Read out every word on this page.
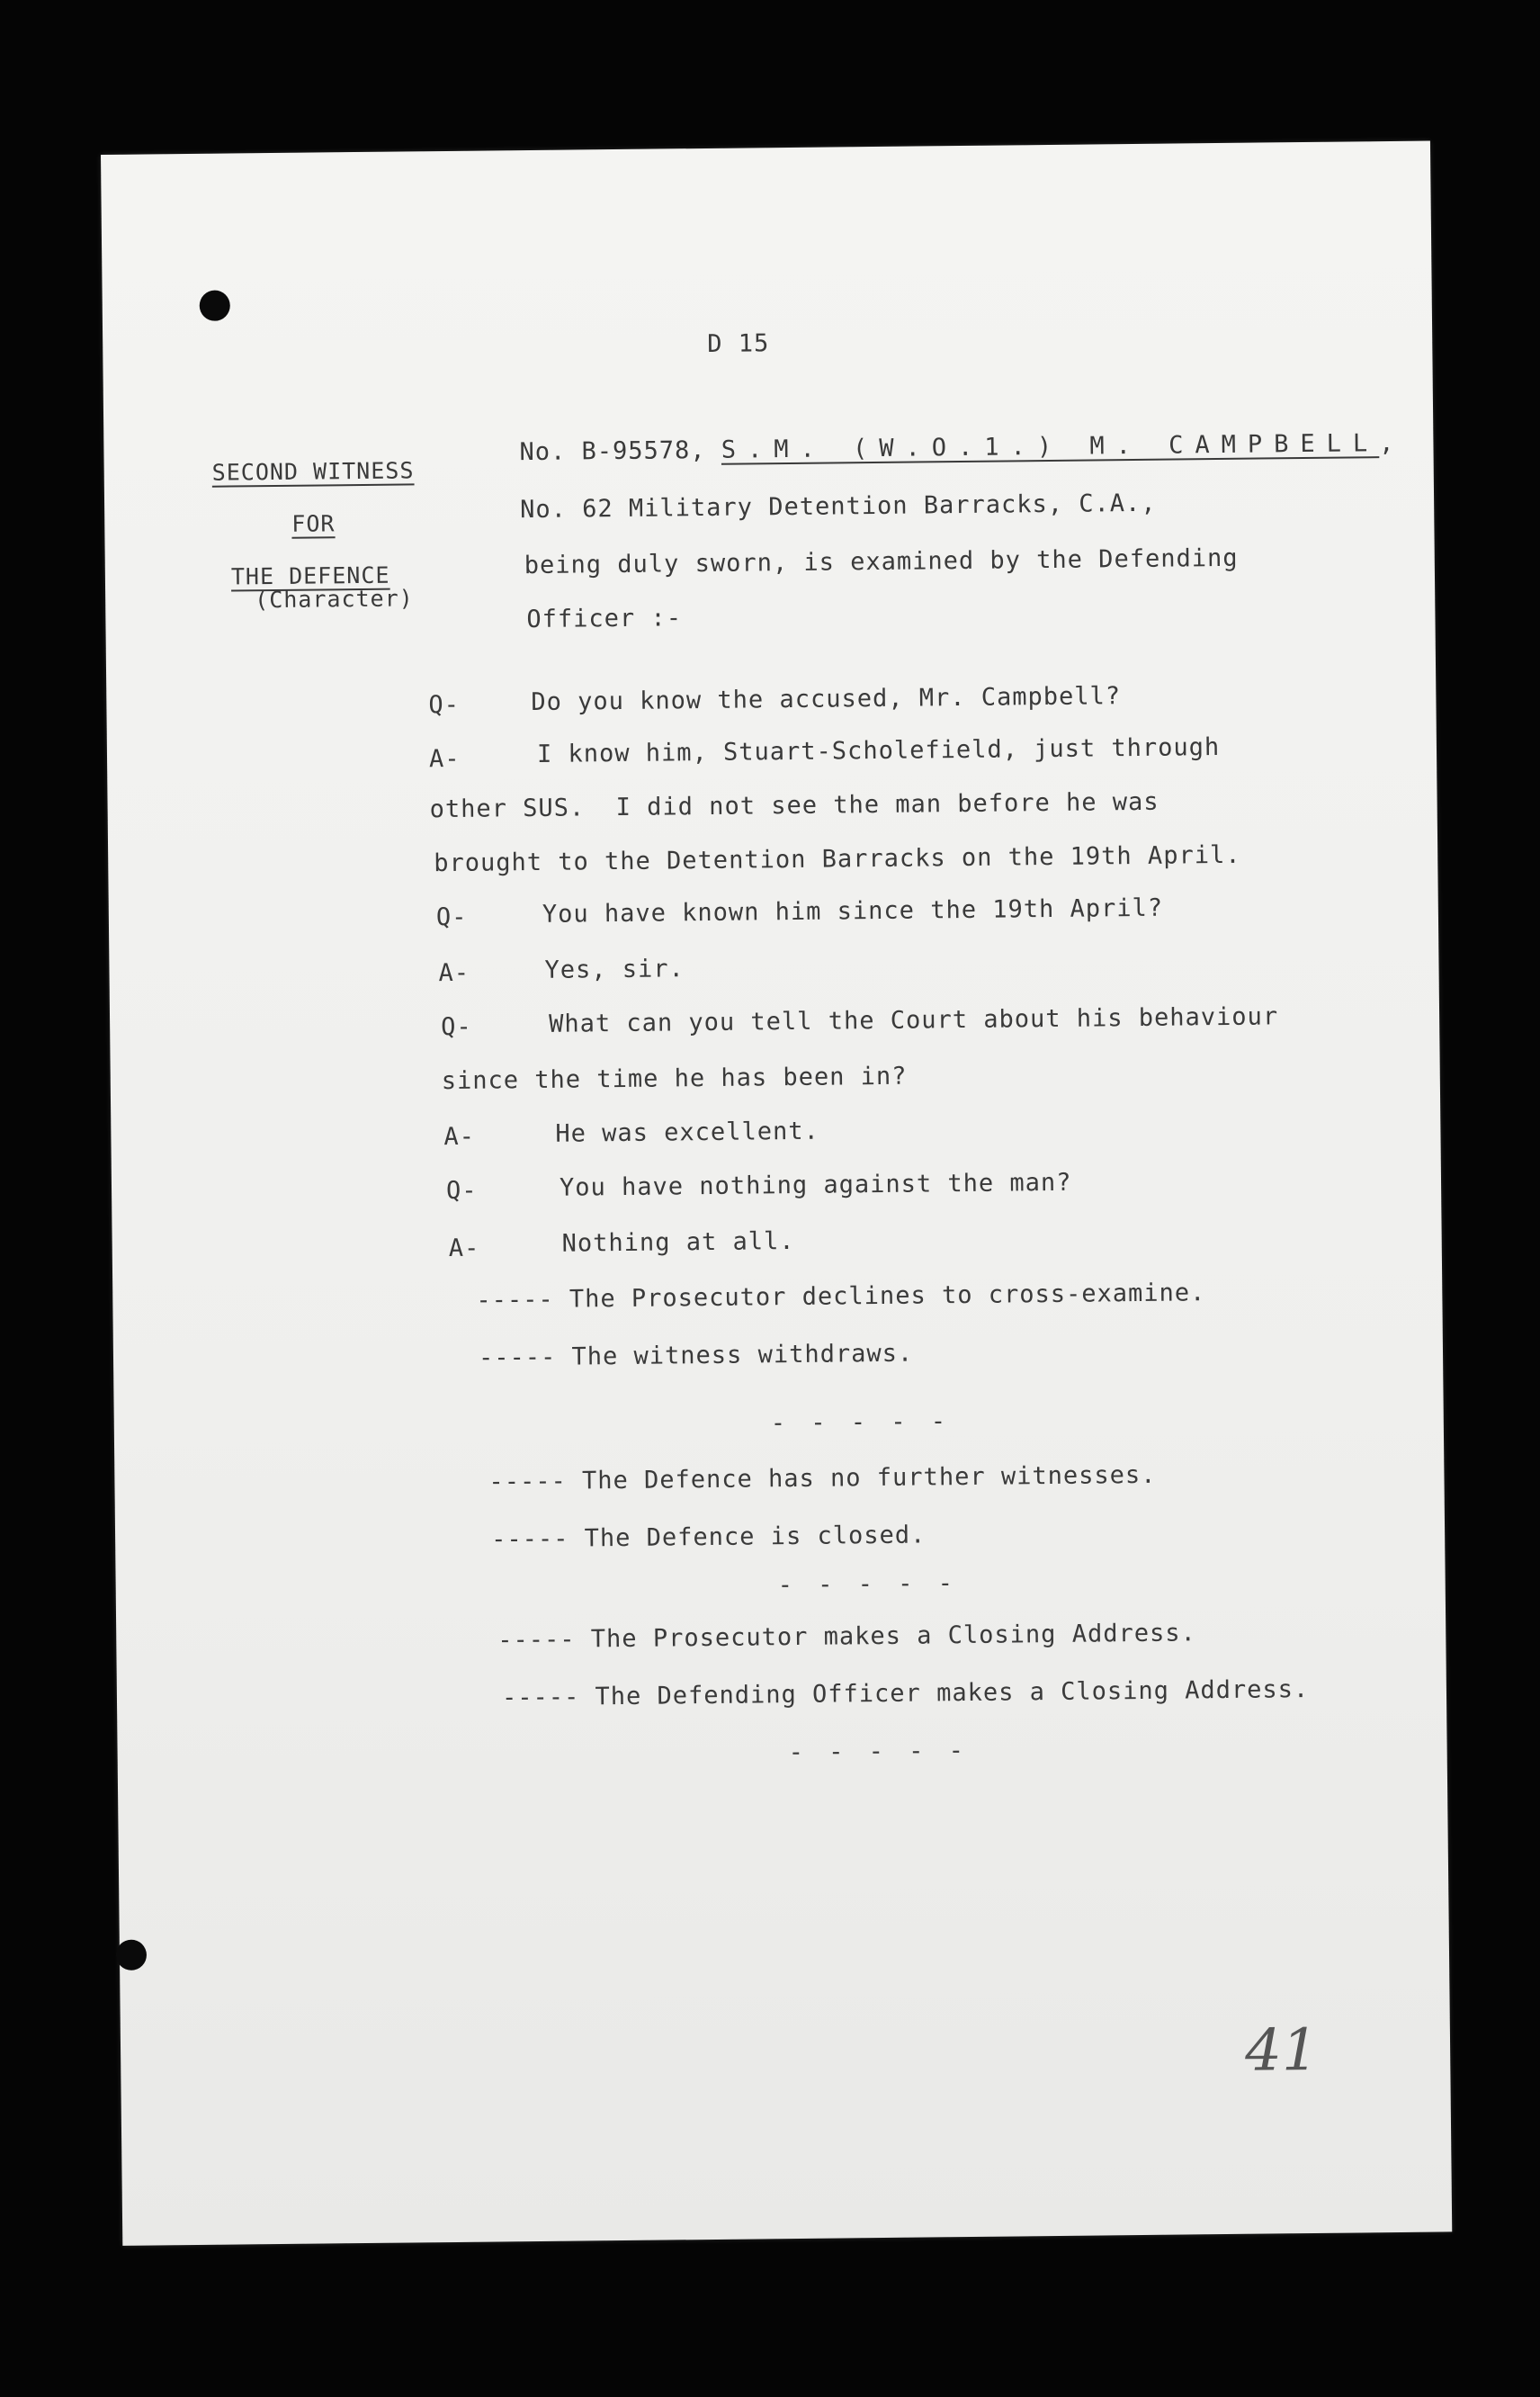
D 15
SECOND WITNESS
FOR
THE DEFENCE
(Character)
No. B-95578, S.M. (W.O.1.) M. CAMPBELL,
No. 62 Military Detention Barracks, C.A.,
being duly sworn, is examined by the Defending
Officer :-
Q-	Do you know the accused, Mr. Campbell?
A-	I know him, Stuart-Scholefield, just through
other SUS.  I did not see the man before he was
brought to the Detention Barracks on the 19th April.
Q-	You have known him since the 19th April?
A-	Yes, sir.
Q-	What can you tell the Court about his behaviour
since the time he has been in?
A-	He was excellent.
Q-	You have nothing against the man?
A-	Nothing at all.
----- The Prosecutor declines to cross-examine.
----- The witness withdraws.
- - - - -
----- The Defence has no further witnesses.
----- The Defence is closed.
- - - - -
----- The Prosecutor makes a Closing Address.
----- The Defending Officer makes a Closing Address.
- - - - -
41
